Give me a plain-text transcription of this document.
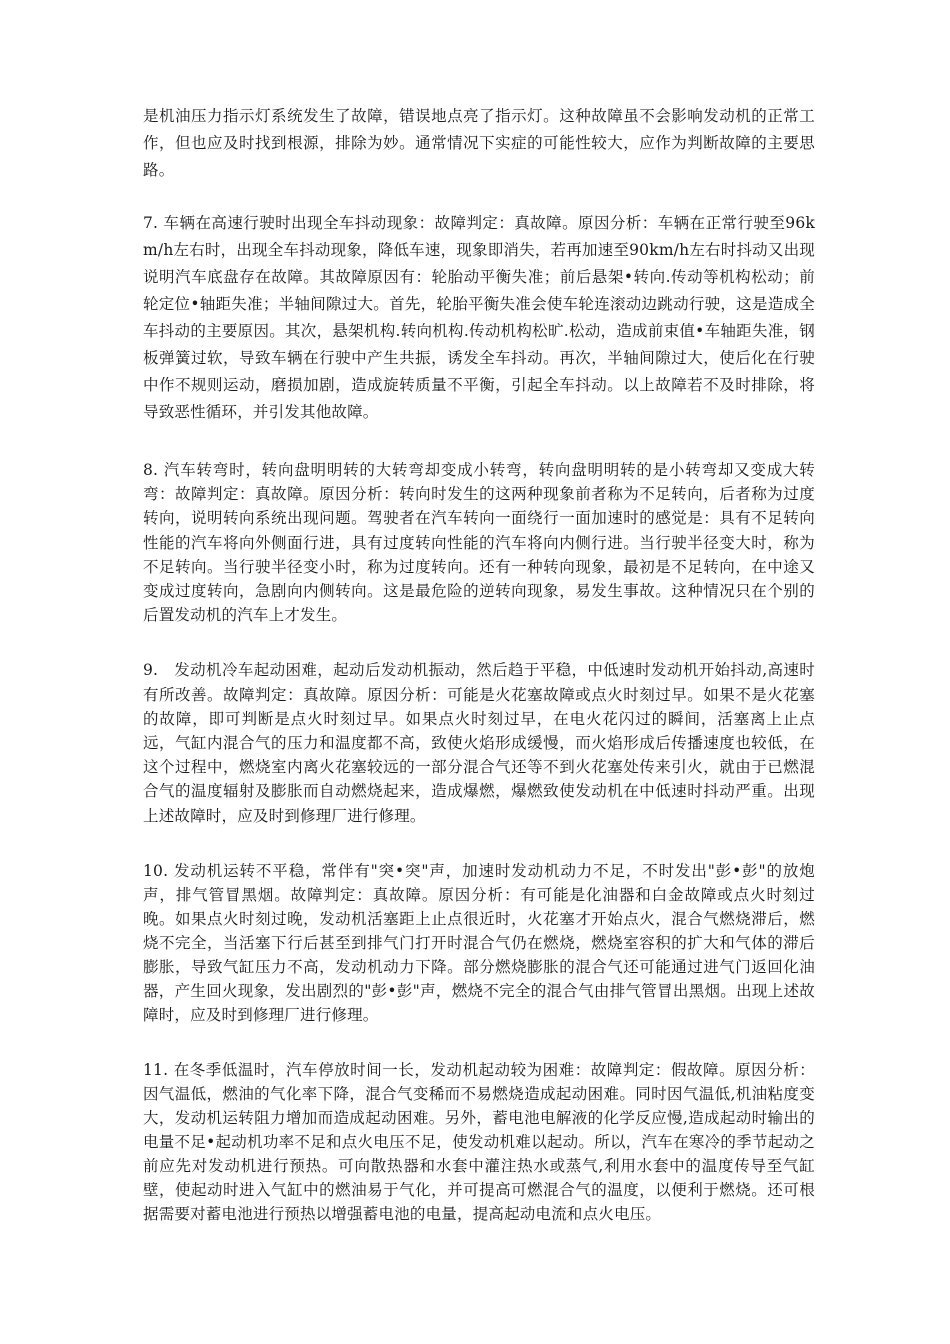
是机油压力指示灯系统发生了故障，错误地点亮了指示灯。这种故障虽不会影响发动机的正常工作，但也应及时找到根源，排除为妙。通常情况下实症的可能性较大，应作为判断故障的主要思路。

7. 车辆在高速行驶时出现全车抖动现象：故障判定：真故障。原因分析：车辆在正常行驶至96km/h左右时，出现全车抖动现象，降低车速，现象即消失，若再加速至90km/h左右时抖动又出现说明汽车底盘存在故障。其故障原因有：轮胎动平衡失准；前后悬架•转向.传动等机构松动；前轮定位•轴距失准；半轴间隙过大。首先，轮胎平衡失准会使车轮连滚动边跳动行驶，这是造成全车抖动的主要原因。其次，悬架机构.转向机构.传动机构松旷.松动，造成前束值•车轴距失准，钢板弹簧过软，导致车辆在行驶中产生共振，诱发全车抖动。再次，半轴间隙过大，使后化在行驶中作不规则运动，磨损加剧，造成旋转质量不平衡，引起全车抖动。以上故障若不及时排除，将导致恶性循环，并引发其他故障。

8. 汽车转弯时，转向盘明明转的大转弯却变成小转弯，转向盘明明转的是小转弯却又变成大转弯：故障判定：真故障。原因分析：转向时发生的这两种现象前者称为不足转向，后者称为过度转向，说明转向系统出现问题。驾驶者在汽车转向一面绕行一面加速时的感觉是：具有不足转向性能的汽车将向外侧面行进，具有过度转向性能的汽车将向内侧行进。当行驶半径变大时，称为不足转向。当行驶半径变小时，称为过度转向。还有一种转向现象，最初是不足转向，在中途又变成过度转向，急剧向内侧转向。这是最危险的逆转向现象，易发生事故。这种情况只在个别的后置发动机的汽车上才发生。

9.　发动机冷车起动困难，起动后发动机振动，然后趋于平稳，中低速时发动机开始抖动,高速时有所改善。故障判定：真故障。原因分析：可能是火花塞故障或点火时刻过早。如果不是火花塞的故障，即可判断是点火时刻过早。如果点火时刻过早，在电火花闪过的瞬间，活塞离上止点远，气缸内混合气的压力和温度都不高，致使火焰形成缓慢，而火焰形成后传播速度也较低，在这个过程中，燃烧室内离火花塞较远的一部分混合气还等不到火花塞处传来引火，就由于已燃混合气的温度辐射及膨胀而自动燃烧起来，造成爆燃，爆燃致使发动机在中低速时抖动严重。出现上述故障时，应及时到修理厂进行修理。

10. 发动机运转不平稳，常伴有"突•突"声，加速时发动机动力不足，不时发出"彭•彭"的放炮声，排气管冒黑烟。故障判定：真故障。原因分析：有可能是化油器和白金故障或点火时刻过晚。如果点火时刻过晚，发动机活塞距上止点很近时，火花塞才开始点火，混合气燃烧滞后，燃烧不完全，当活塞下行后甚至到排气门打开时混合气仍在燃烧，燃烧室容积的扩大和气体的滞后膨胀，导致气缸压力不高，发动机动力下降。部分燃烧膨胀的混合气还可能通过进气门返回化油器，产生回火现象，发出剧烈的"彭•彭"声，燃烧不完全的混合气由排气管冒出黑烟。出现上述故障时，应及时到修理厂进行修理。

11. 在冬季低温时，汽车停放时间一长，发动机起动较为困难：故障判定：假故障。原因分析：因气温低，燃油的气化率下降，混合气变稀而不易燃烧造成起动困难。同时因气温低,机油粘度变大，发动机运转阻力增加而造成起动困难。另外，蓄电池电解液的化学反应慢,造成起动时输出的电量不足•起动机功率不足和点火电压不足，使发动机难以起动。所以，汽车在寒冷的季节起动之前应先对发动机进行预热。可向散热器和水套中灌注热水或蒸气,利用水套中的温度传导至气缸壁，使起动时进入气缸中的燃油易于气化，并可提高可燃混合气的温度，以便利于燃烧。还可根据需要对蓄电池进行预热以增强蓄电池的电量，提高起动电流和点火电压。
